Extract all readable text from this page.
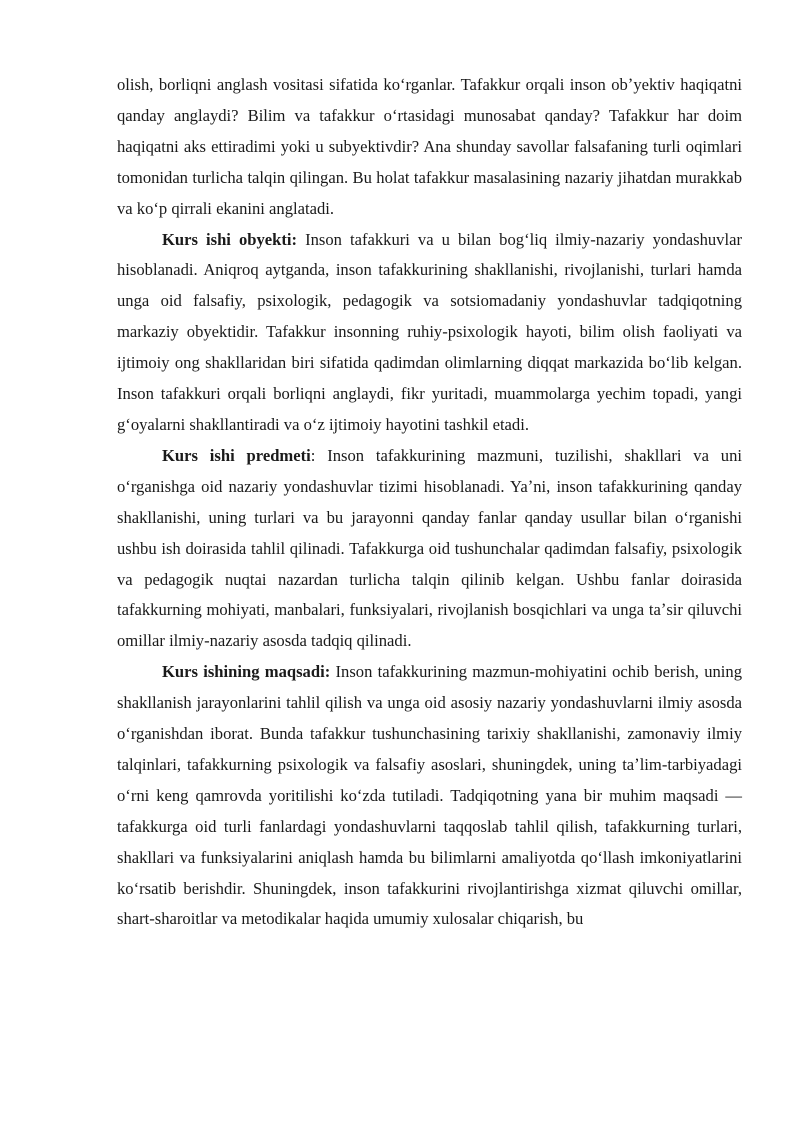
olish, borliqni anglash vositasi sifatida koʻrganlar. Tafakkur orqali inson obʼyektiv haqiqatni qanday anglaydi? Bilim va tafakkur oʻrtasidagi munosabat qanday? Tafakkur har doim haqiqatni aks ettiradimi yoki u subyektivdir? Ana shunday savollar falsafaning turli oqimlari tomonidan turlicha talqin qilingan. Bu holat tafakkur masalasining nazariy jihatdan murakkab va koʻp qirrali ekanini anglatadi.

Kurs ishi obyekti: Inson tafakkuri va u bilan bogʻliq ilmiy-nazariy yondashuvlar hisoblanadi. Aniqroq aytganda, inson tafakkurining shakllanishi, rivojlanishi, turlari hamda unga oid falsafiy, psixologik, pedagogik va sotsiomadaniy yondashuvlar tadqiqotning markaziy obyektidir. Tafakkur insonning ruhiy-psixologik hayoti, bilim olish faoliyati va ijtimoiy ong shakllaridan biri sifatida qadimdan olimlarning diqqat markazida boʻlib kelgan. Inson tafakkuri orqali borliqni anglaydi, fikr yuritadi, muammolarga yechim topadi, yangi gʻoyalarni shakllantiradi va oʻz ijtimoiy hayotini tashkil etadi.

Kurs ishi predmeti: Inson tafakkurining mazmuni, tuzilishi, shakllari va uni oʻrganishga oid nazariy yondashuvlar tizimi hisoblanadi. Yaʼni, inson tafakkurining qanday shakllanishi, uning turlari va bu jarayonni qanday fanlar qanday usullar bilan oʻrganishi ushbu ish doirasida tahlil qilinadi. Tafakkurga oid tushunchalar qadimdan falsafiy, psixologik va pedagogik nuqtai nazardan turlicha talqin qilinib kelgan. Ushbu fanlar doirasida tafakkurning mohiyati, manbalari, funksiyalari, rivojlanish bosqichlari va unga taʼsir qiluvchi omillar ilmiy-nazariy asosda tadqiq qilinadi.

Kurs ishining maqsadi: Inson tafakkurining mazmun-mohiyatini ochib berish, uning shakllanish jarayonlarini tahlil qilish va unga oid asosiy nazariy yondashuvlarni ilmiy asosda oʻrganishdan iborat. Bunda tafakkur tushunchasining tarixiy shakllanishi, zamonaviy ilmiy talqinlari, tafakkurning psixologik va falsafiy asoslari, shuningdek, uning taʼlim-tarbiyadagi oʻrni keng qamrovda yoritilishi koʻzda tutiladi. Tadqiqotning yana bir muhim maqsadi — tafakkurga oid turli fanlardagi yondashuvlarni taqqoslab tahlil qilish, tafakkurning turlari, shakllari va funksiyalarini aniqlash hamda bu bilimlarni amaliyotda qoʻllash imkoniyatlarini koʻrsatib berishdir. Shuningdek, inson tafakkurini rivojlantirishga xizmat qiluvchi omillar, shart-sharoitlar va metodikalar haqida umumiy xulosalar chiqarish, bu
